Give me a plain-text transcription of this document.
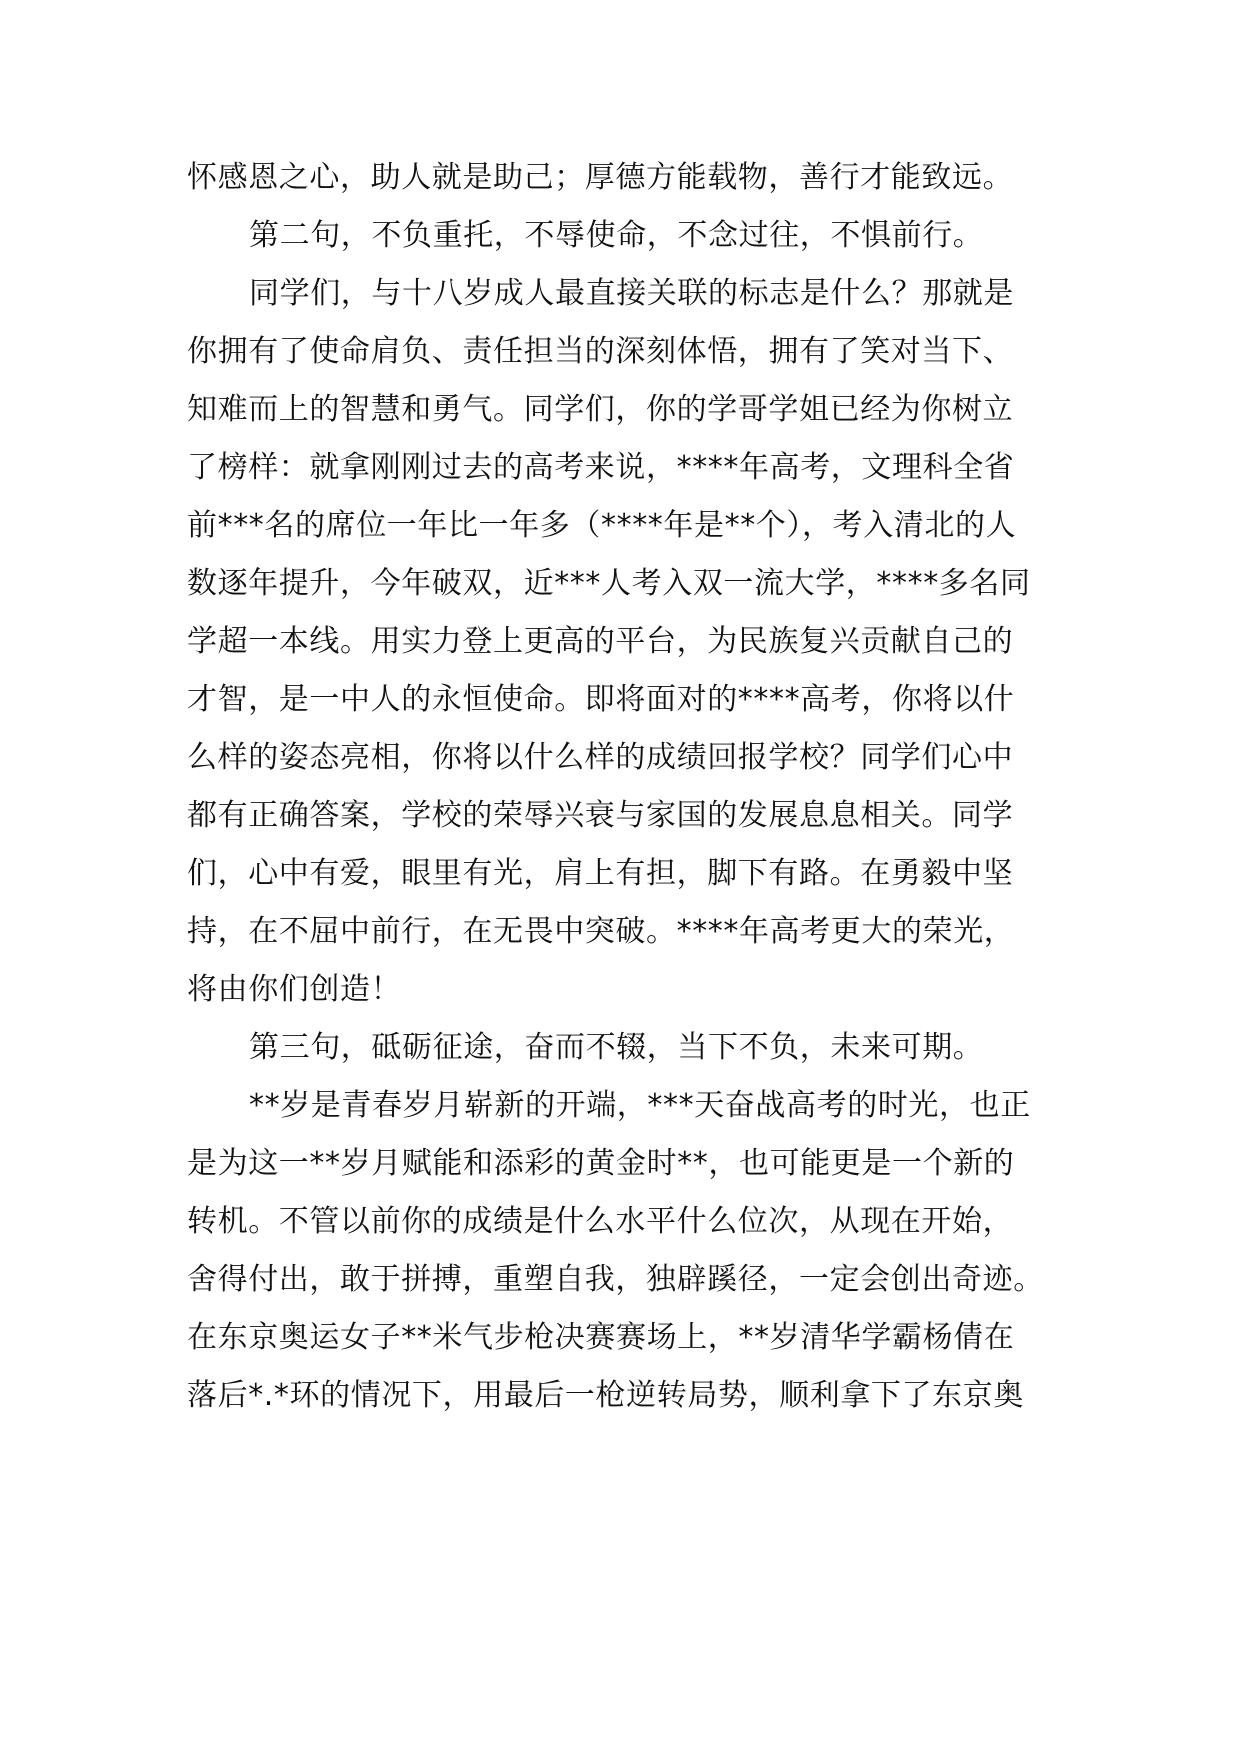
怀感恩之心，助人就是助己；厚德方能载物，善行才能致远。
第二句，不负重托，不辱使命，不念过往，不惧前行。
同学们，与十八岁成人最直接关联的标志是什么？那就是
你拥有了使命肩负、责任担当的深刻体悟，拥有了笑对当下、
知难而上的智慧和勇气。同学们，你的学哥学姐已经为你树立
了榜样：就拿刚刚过去的高考来说，****年高考，文理科全省
前***名的席位一年比一年多（****年是**个），考入清北的人
数逐年提升，今年破双，近***人考入双一流大学，****多名同
学超一本线。用实力登上更高的平台，为民族复兴贡献自己的
才智，是一中人的永恒使命。即将面对的****高考，你将以什
么样的姿态亮相，你将以什么样的成绩回报学校？同学们心中
都有正确答案，学校的荣辱兴衰与家国的发展息息相关。同学
们，心中有爱，眼里有光，肩上有担，脚下有路。在勇毅中坚
持，在不屈中前行，在无畏中突破。****年高考更大的荣光，
将由你们创造！
第三句，砥砺征途，奋而不辍，当下不负，未来可期。
**岁是青春岁月崭新的开端，***天奋战高考的时光，也正
是为这一**岁月赋能和添彩的黄金时**，也可能更是一个新的
转机。不管以前你的成绩是什么水平什么位次，从现在开始，
舍得付出，敢于拼搏，重塑自我，独辟蹊径，一定会创出奇迹。
在东京奥运女子**米气步枪决赛赛场上，**岁清华学霸杨倩在
落后*.*环的情况下，用最后一枪逆转局势，顺利拿下了东京奥
